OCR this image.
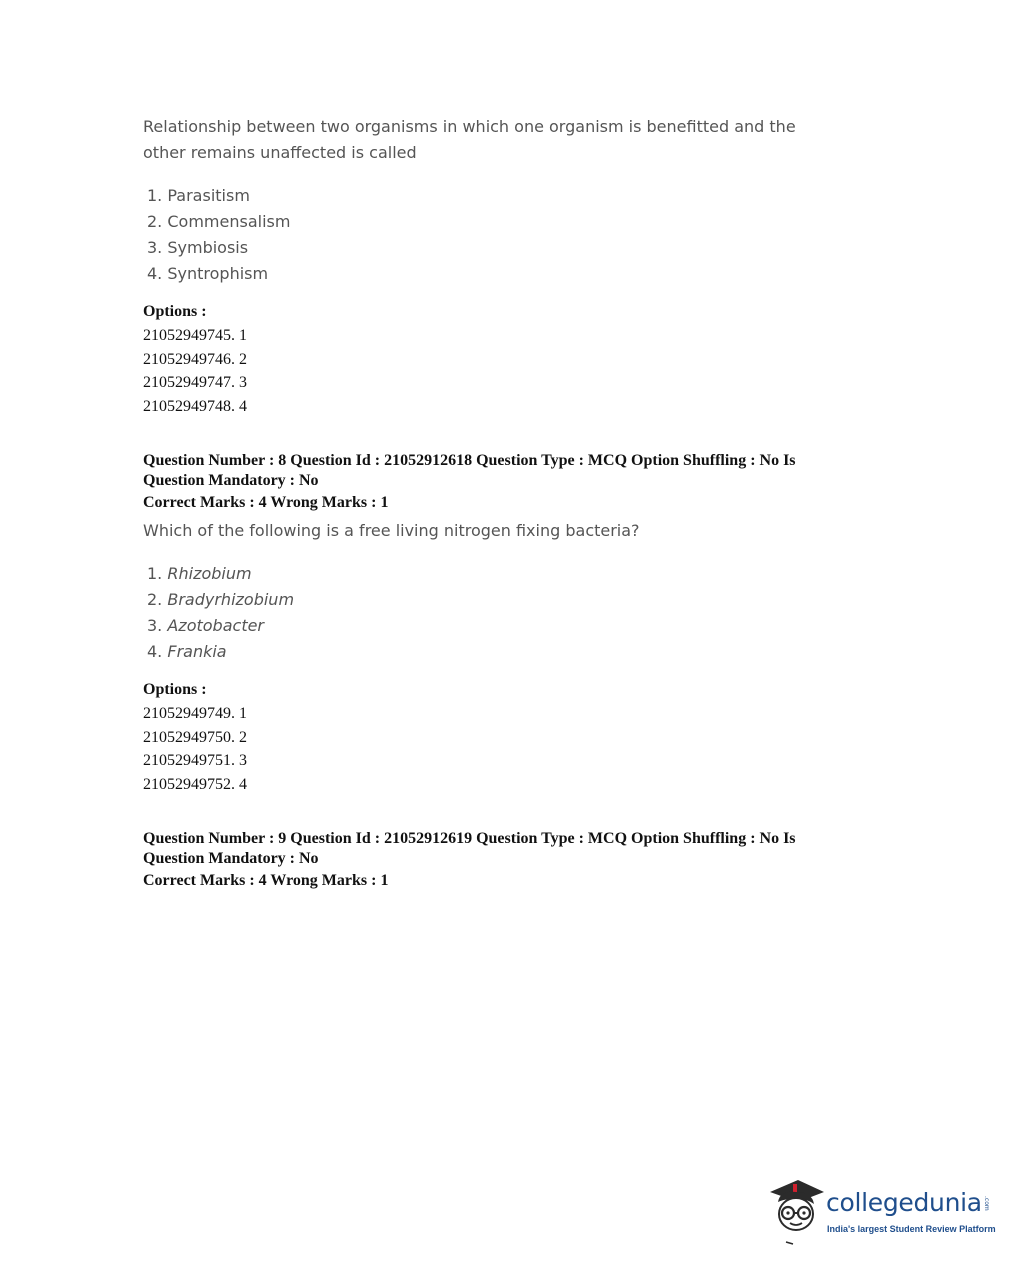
Relationship between two organisms in which one organism is benefitted and the other remains unaffected is called
1. Parasitism
2. Commensalism
3. Symbiosis
4. Syntrophism
Options :
21052949745. 1
21052949746. 2
21052949747. 3
21052949748. 4
Question Number : 8 Question Id : 21052912618 Question Type : MCQ Option Shuffling : No Is
Question Mandatory : No
Correct Marks : 4 Wrong Marks : 1
Which of the following is a free living nitrogen fixing bacteria?
1. Rhizobium
2. Bradyrhizobium
3. Azotobacter
4. Frankia
Options :
21052949749. 1
21052949750. 2
21052949751. 3
21052949752. 4
Question Number : 9 Question Id : 21052912619 Question Type : MCQ Option Shuffling : No Is
Question Mandatory : No
Correct Marks : 4 Wrong Marks : 1
collegedunia .com
India's largest Student Review Platform
